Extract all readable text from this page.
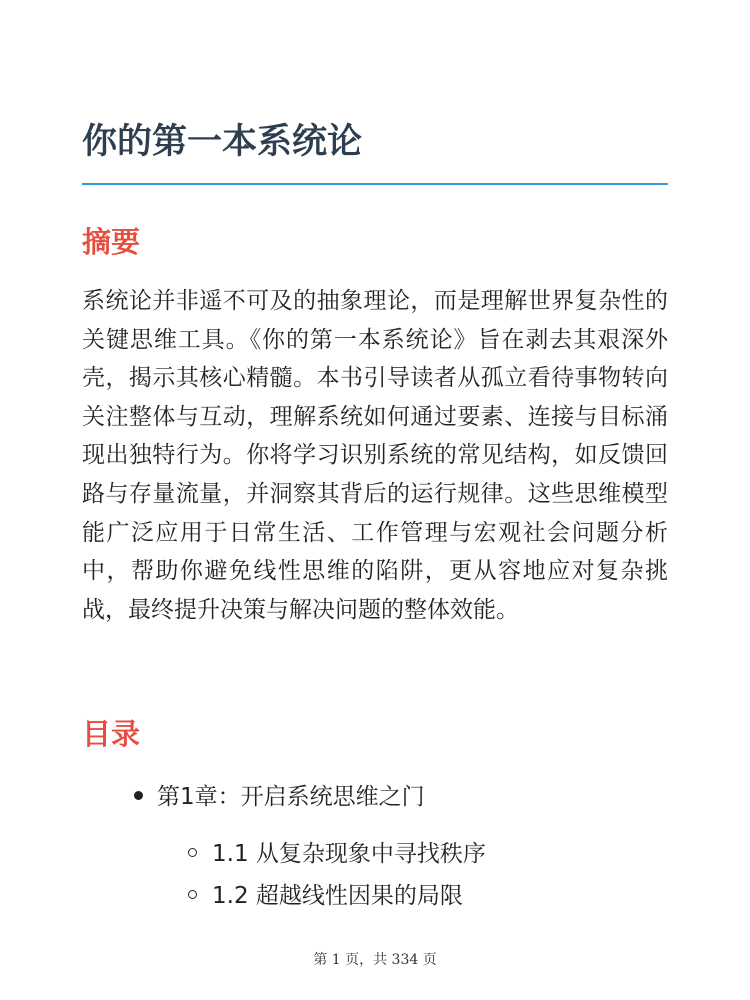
你的第一本系统论
摘要

系统论并非遥不可及的抽象理论，而是理解世界复杂性的关键思维工具。《你的第一本系统论》旨在剥去其艰深外壳，揭示其核心精髓。本书引导读者从孤立看待事物转向关注整体与互动，理解系统如何通过要素、连接与目标涌现出独特行为。你将学习识别系统的常见结构，如反馈回路与存量流量，并洞察其背后的运行规律。这些思维模型能广泛应用于日常生活、工作管理与宏观社会问题分析中，帮助你避免线性思维的陷阱，更从容地应对复杂挑战，最终提升决策与解决问题的整体效能。

目录
第1章：开启系统思维之门
1.1 从复杂现象中寻找秩序
1.2 超越线性因果的局限
第 1 页，共 334 页
